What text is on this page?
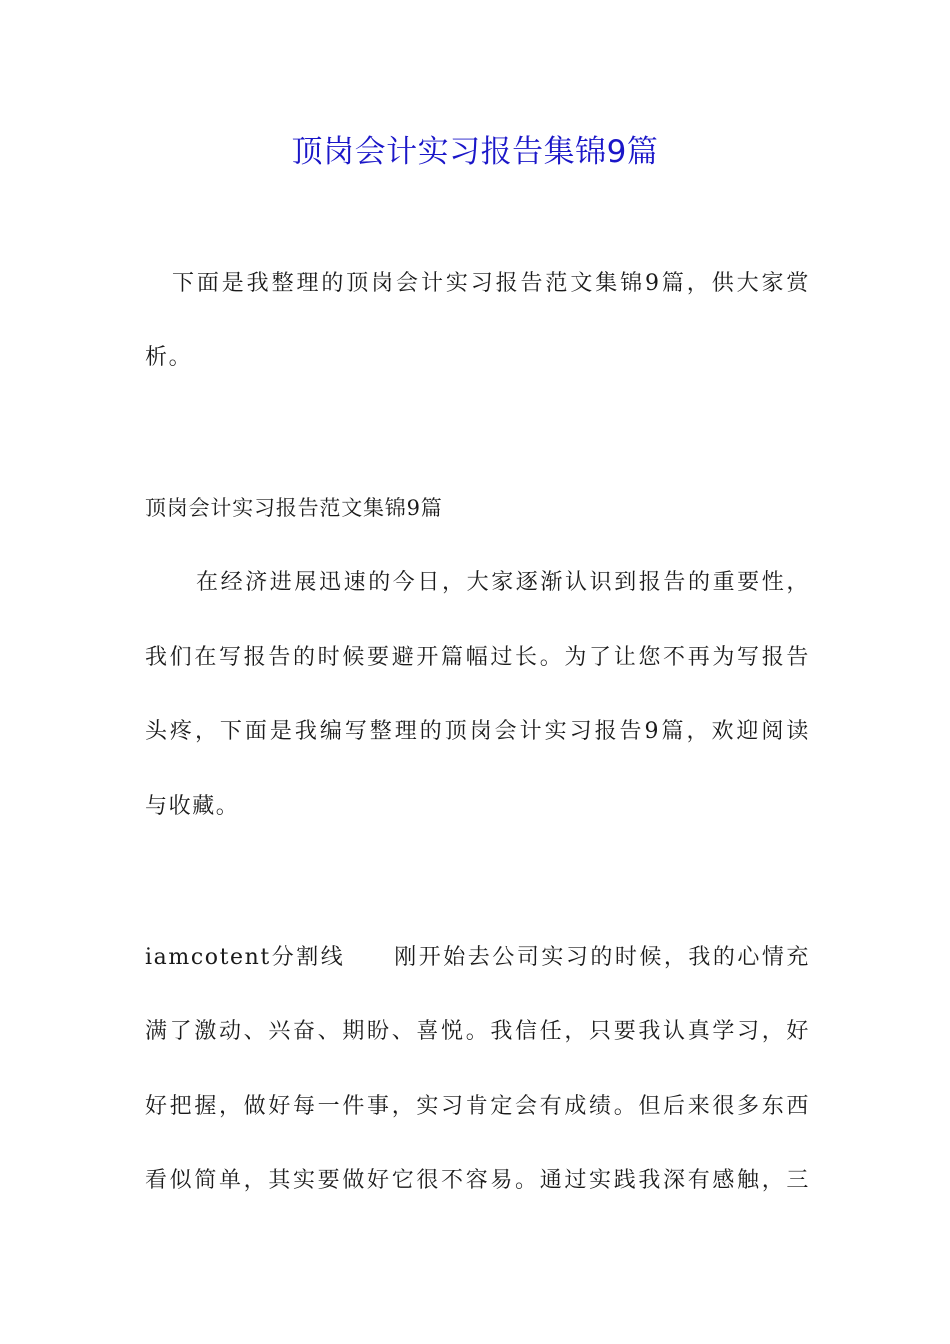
顶岗会计实习报告集锦9篇
下面是我整理的顶岗会计实习报告范文集锦9篇，供大家赏
析。
顶岗会计实习报告范文集锦9篇
在经济进展迅速的今日，大家逐渐认识到报告的重要性，
我们在写报告的时候要避开篇幅过长。为了让您不再为写报告
头疼，下面是我编写整理的顶岗会计实习报告9篇，欢迎阅读
与收藏。
iamcotent分割线　　刚开始去公司实习的时候，我的心情充
满了激动、兴奋、期盼、喜悦。我信任，只要我认真学习，好
好把握，做好每一件事，实习肯定会有成绩。但后来很多东西
看似简单，其实要做好它很不容易。通过实践我深有感触，三
